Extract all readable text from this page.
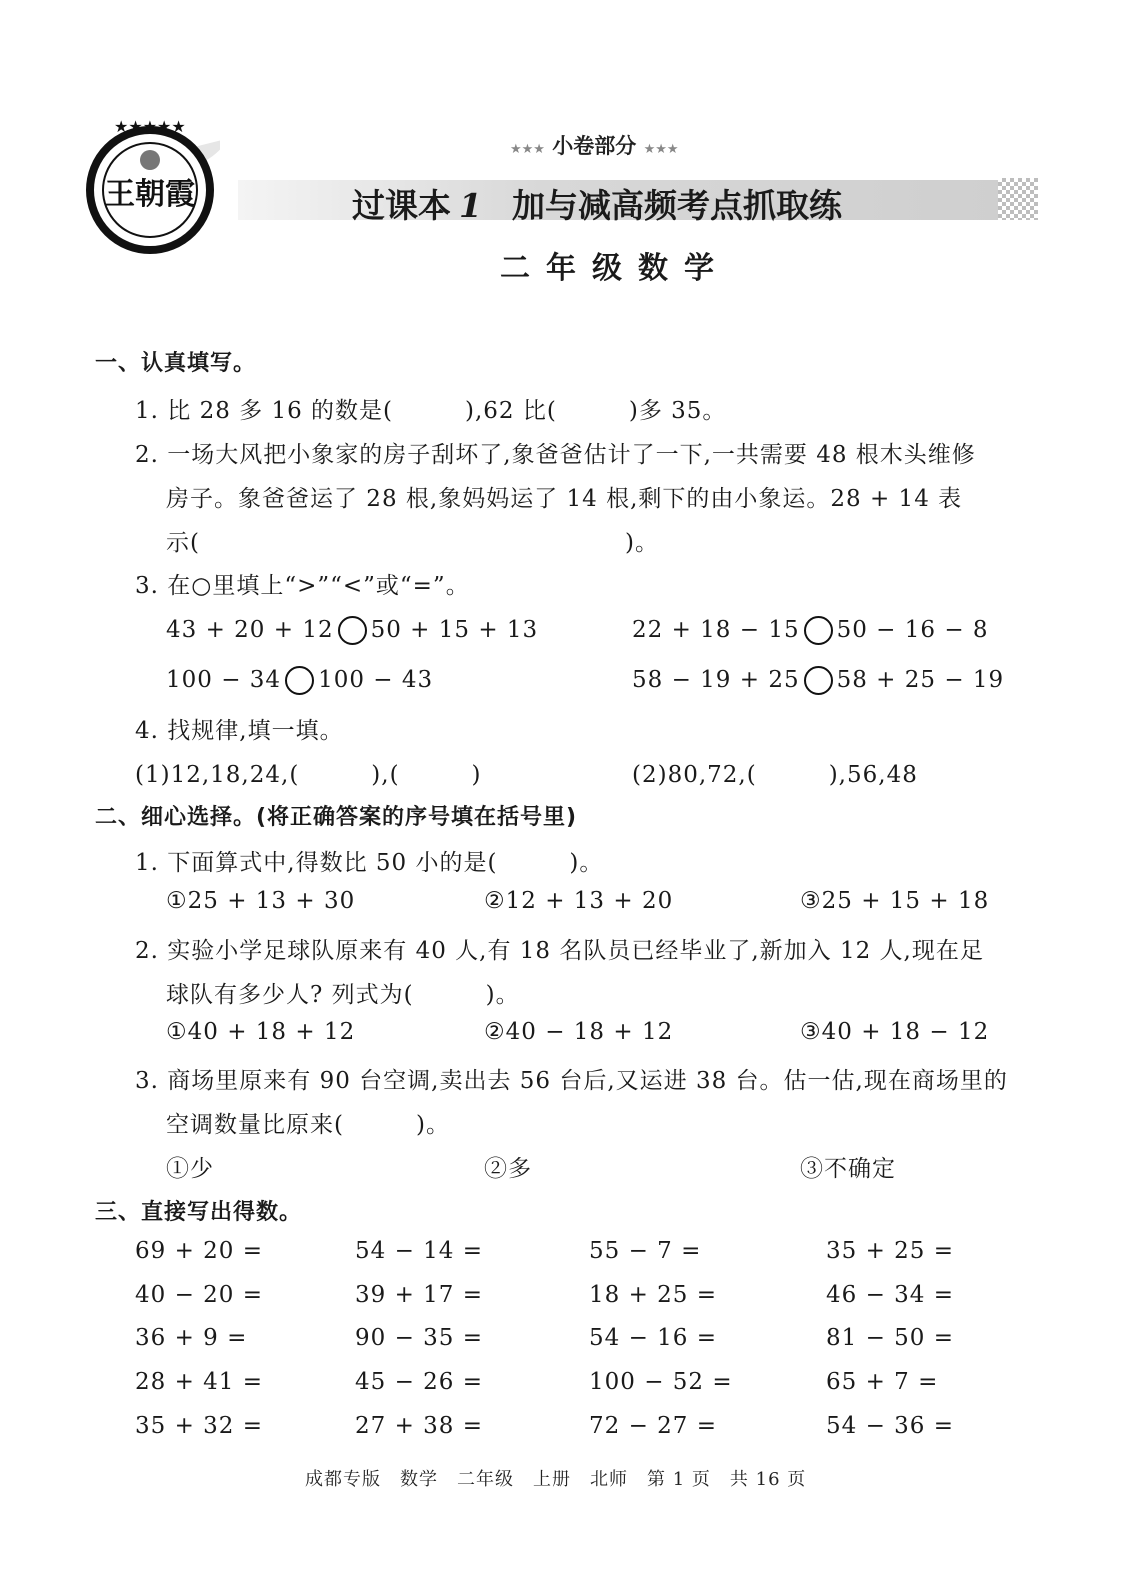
★★★★★
王朝霞
★★★ 小卷部分 ★★★
过课本 1 加与减高频考点抓取练
二年级数学
一、认真填写。
1. 比 28 多 16 的数是(　　　),62 比(　　　)多 35。
2. 一场大风把小象家的房子刮坏了,象爸爸估计了一下,一共需要 48 根木头维修
房子。象爸爸运了 28 根,象妈妈运了 14 根,剩下的由小象运。28 + 14 表
示(	)。
3. 在○里填上“>”“<”或“=”。
43 + 20 + 12 50 + 15 + 13	22 + 18 − 15 50 − 16 − 8
100 − 34 100 − 43	58 − 19 + 25 58 + 25 − 19
4. 找规律,填一填。
(1)12,18,24,(　　　),(　　　)	(2)80,72,(　　　),56,48
二、细心选择。(将正确答案的序号填在括号里)
1. 下面算式中,得数比 50 小的是(　　　)。
①25 + 13 + 30	②12 + 13 + 20	③25 + 15 + 18
2. 实验小学足球队原来有 40 人,有 18 名队员已经毕业了,新加入 12 人,现在足
球队有多少人? 列式为(　　　)。
①40 + 18 + 12	②40 − 18 + 12	③40 + 18 − 12
3. 商场里原来有 90 台空调,卖出去 56 台后,又运进 38 台。估一估,现在商场里的
空调数量比原来(　　　)。
①少	②多	③不确定
三、直接写出得数。
69 + 20 =	54 − 14 =	55 − 7 =	35 + 25 =
40 − 20 =	39 + 17 =	18 + 25 =	46 − 34 =
36 + 9 =	90 − 35 =	54 − 16 =	81 − 50 =
28 + 41 =	45 − 26 =	100 − 52 =	65 + 7 =
35 + 32 =	27 + 38 =	72 − 27 =	54 − 36 =
成都专版　数学　二年级　上册　北师　第 1 页　共 16 页
